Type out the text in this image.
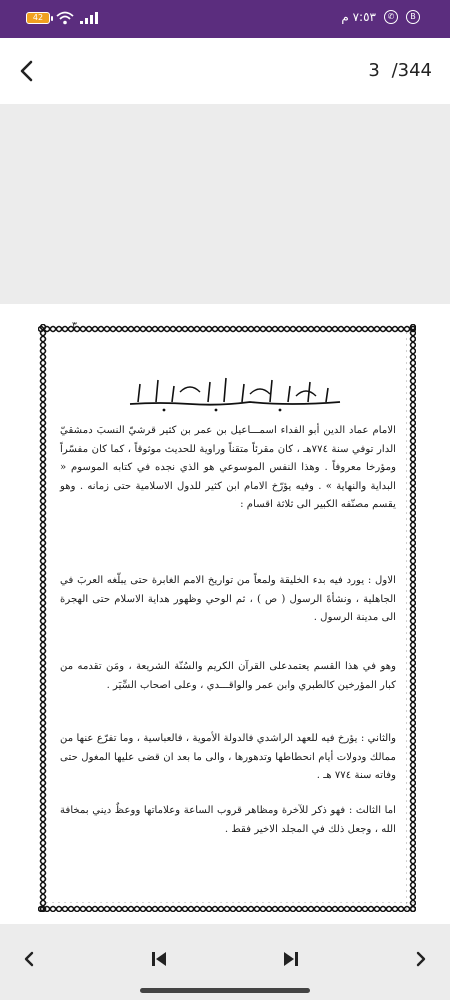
42	٧:٥٣ م	✆	B
3 /344
٣

الامام عماد الدين أبو الفداء اسمـــاعيل بن عمر بن كثير قرشيّ النسبَ دمشقيّ الدار توفي سنة ٧٧٤هـ ، كان مقرئاً متقناً وراوية للحديث موثوقاً ، كما كان مفسّراً ومؤرخا معروفاً . وهذا النفس الموسوعي هو الذي نجده في كتابه الموسوم « البداية والنهاية » . وفيه يؤرّخ الامام ابن كثير للدول الاسلامية حتى زمانه . وهو يقسم مصنّفه الكبير الى ثلاثة اقسام :

الاول : يورد فيه بدء الخليقة ولمعاً من تواريخ الامم الغابرة حتى يبلّغه العربَ في الجاهلية ، ونشأةَ الرسول ( ص ) ، ثم الوحي وظهور هداية الاسلام حتى الهجرة الى مدينة الرسول .

وهو في هذا القسم يعتمدعلى القرآن الكريم والسُنّة الشريعة ، ومَن تقدمه من كبار المؤرخين كالطبري وابن عمر والواقـــدي ، وعلى اصحاب السِّيَر .

والثاني : يؤرخ فيه للعهد الراشدي فالدولة الأموية ، فالعباسية ، وما تفرّع عنها من ممالك ودولات أيام انحطاطها وتدهورها ، والى ما بعد ان قضى عليها المغول حتى وفاته سنة ٧٧٤ هـ .

اما الثالث : فهو ذكر للآخرة ومظاهر قروب الساعة وعلاماتها ووعظٌ ديني بمخافة الله ، وجعل ذلك في المجلد الاخير فقط .
